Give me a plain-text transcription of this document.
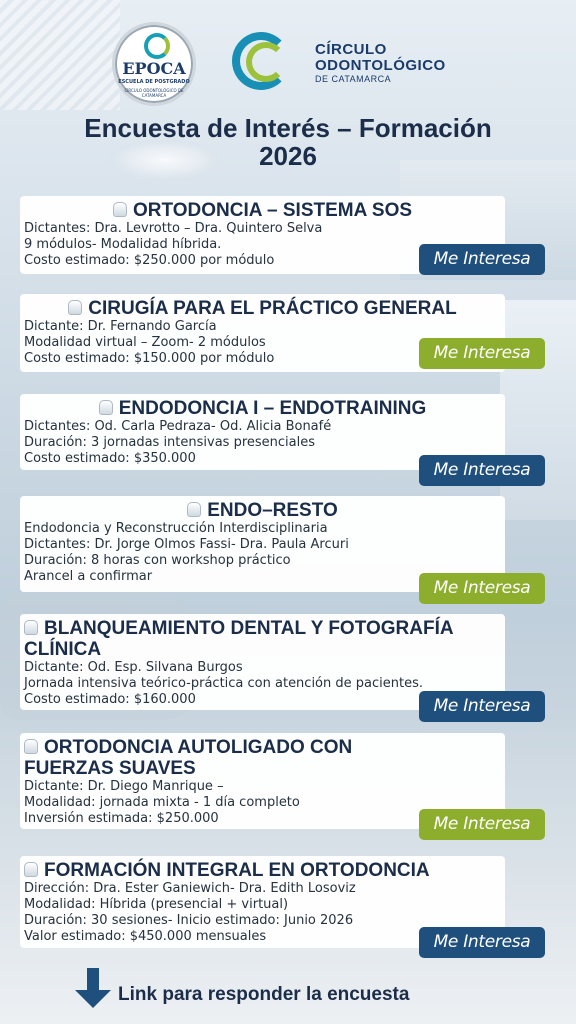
EPOCA
ESCUELA DE POSTGRADO
CÍRCULO ODONTOLÓGICO DE CATAMARCA
CÍRCULO
ODONTOLÓGICO
DE CATAMARCA
Encuesta de Interés – Formación
2026
ORTODONCIA – SISTEMA SOS
Dictantes: Dra. Levrotto – Dra. Quintero Selva
9 módulos- Modalidad híbrida.
Costo estimado: $250.000 por módulo	Me Interesa
CIRUGÍA PARA EL PRÁCTICO GENERAL
Dictante: Dr. Fernando García
Modalidad virtual – Zoom- 2 módulos
Costo estimado: $150.000 por módulo	Me Interesa
ENDODONCIA I – ENDOTRAINING
Dictantes: Od. Carla Pedraza- Od. Alicia Bonafé
Duración: 3 jornadas intensivas presenciales
Costo estimado: $350.000
Me Interesa
ENDO–RESTO
Endodoncia y Reconstrucción Interdisciplinaria
Dictantes: Dr. Jorge Olmos Fassi- Dra. Paula Arcuri
Duración: 8 horas con workshop práctico
Arancel a confirmar
Me Interesa
BLANQUEAMIENTO DENTAL Y FOTOGRAFÍA
CLÍNICA
Dictante: Od. Esp. Silvana Burgos
Jornada intensiva teórico-práctica con atención de pacientes.
Costo estimado: $160.000	Me Interesa
ORTODONCIA AUTOLIGADO CON
FUERZAS SUAVES
Dictante: Dr. Diego Manrique –
Modalidad: jornada mixta - 1 día completo
Inversión estimada: $250.000	Me Interesa
FORMACIÓN INTEGRAL EN ORTODONCIA
Dirección: Dra. Ester Ganiewich- Dra. Edith Losoviz
Modalidad: Híbrida (presencial + virtual)
Duración: 30 sesiones- Inicio estimado: Junio 2026
Valor estimado: $450.000 mensuales	Me Interesa
Link para responder la encuesta
